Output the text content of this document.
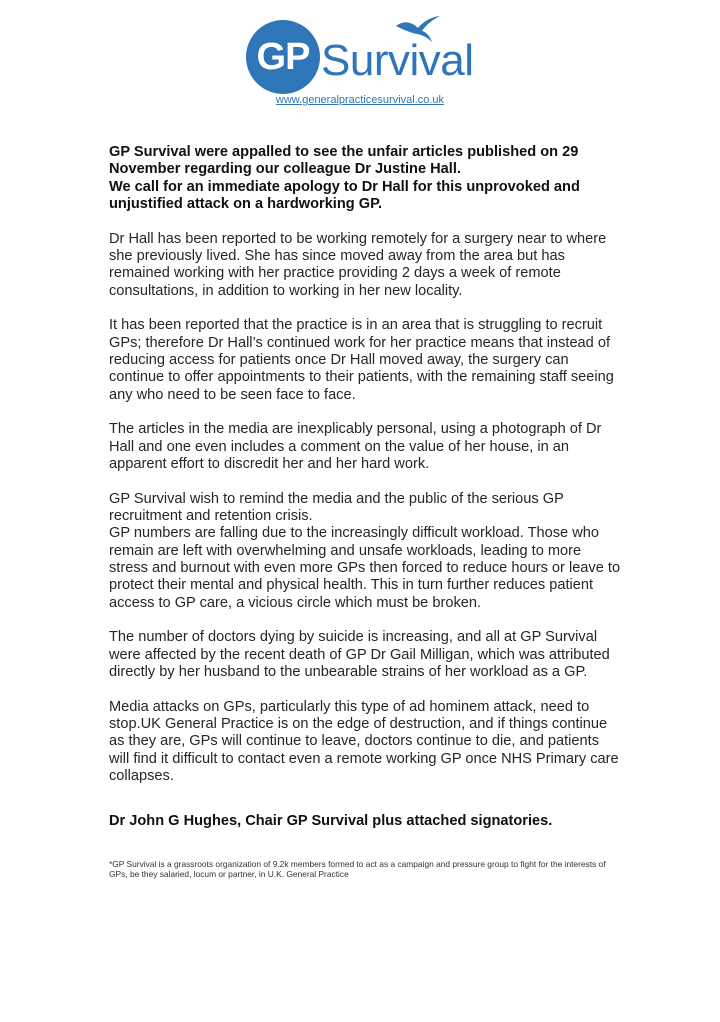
GP Survival
www.generalpracticesurvival.co.uk

GP Survival were appalled to see the unfair articles published on 29 November regarding our colleague Dr Justine Hall.

We call for an immediate apology to Dr Hall for this unprovoked and unjustified attack on a hardworking GP.

Dr Hall has been reported to be working remotely for a surgery near to where she previously lived. She has since moved away from the area but has remained working with her practice providing 2 days a week of remote consultations, in addition to working in her new locality.

It has been reported that the practice is in an area that is struggling to recruit GPs; therefore Dr Hall’s continued work for her practice means that instead of reducing access for patients once Dr Hall moved away, the surgery can continue to offer appointments to their patients, with the remaining staff seeing any who need to be seen face to face.

The articles in the media are inexplicably personal, using a photograph of Dr Hall and one even includes a comment on the value of her house, in an apparent effort to discredit her and her hard work.

GP Survival wish to remind the media and the public of the serious GP recruitment and retention crisis.

GP numbers are falling due to the increasingly difficult workload. Those who remain are left with overwhelming and unsafe workloads, leading to more stress and burnout with even more GPs then forced to reduce hours or leave to protect their mental and physical health. This in turn further reduces patient access to GP care, a vicious circle which must be broken.

The number of doctors dying by suicide is increasing, and all at GP Survival were affected by the recent death of GP Dr Gail Milligan, which was attributed directly by her husband to the unbearable strains of her workload as a GP.

Media attacks on GPs, particularly this type of ad hominem attack, need to stop.UK General Practice is on the edge of destruction, and if things continue as they are, GPs will continue to leave, doctors continue to die, and patients will find it difficult to contact even a remote working GP once NHS Primary care collapses.

Dr John G Hughes, Chair GP Survival plus attached signatories.

*GP Survival is a grassroots organization of 9.2k members formed to act as a campaign and pressure group to fight for the interests of GPs, be they salaried, locum or partner, in U.K. General Practice
